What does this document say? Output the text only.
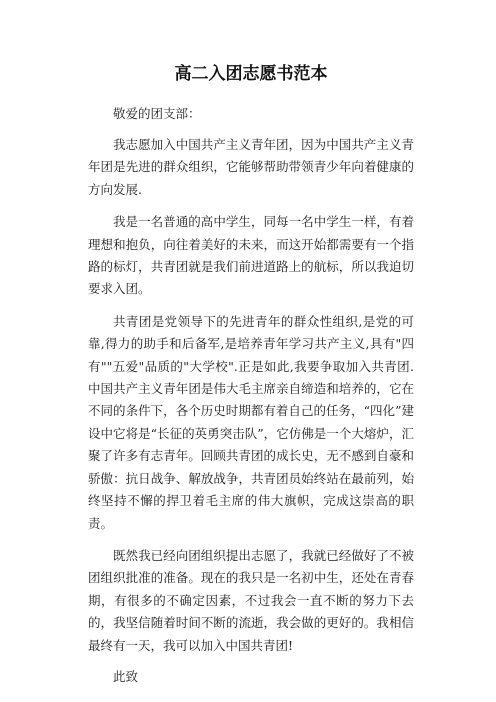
高二入团志愿书范本

敬爱的团支部：

我志愿加入中国共产主义青年团，因为中国共产主义青年团是先进的群众组织，它能够帮助带领青少年向着健康的方向发展.

我是一名普通的高中学生，同每一名中学生一样，有着理想和抱负，向往着美好的未来，而这开始都需要有一个指路的标灯，共青团就是我们前进道路上的航标，所以我迫切要求入团。

共青团是党领导下的先进青年的群众性组织,是党的可靠,得力的助手和后备军,是培养青年学习共产主义,具有"四有""五爱"品质的"大学校".正是如此,我要争取加入共青团. 中国共产主义青年团是伟大毛主席亲自缔造和培养的，它在不同的条件下，各个历史时期都有着自己的任务，“四化”建设中它将是“长征的英勇突击队”，它仿佛是一个大熔炉，汇聚了许多有志青年。回顾共青团的成长史，无不感到自豪和骄傲：抗日战争、解放战争，共青团员始终站在最前列，始终坚持不懈的捍卫着毛主席的伟大旗帜，完成这崇高的职责。

既然我已经向团组织提出志愿了，我就已经做好了不被团组织批准的准备。现在的我只是一名初中生，还处在青春期，有很多的不确定因素，不过我会一直不断的努力下去的，我坚信随着时间不断的流逝，我会做的更好的。我相信最终有一天，我可以加入中国共青团!

此致
